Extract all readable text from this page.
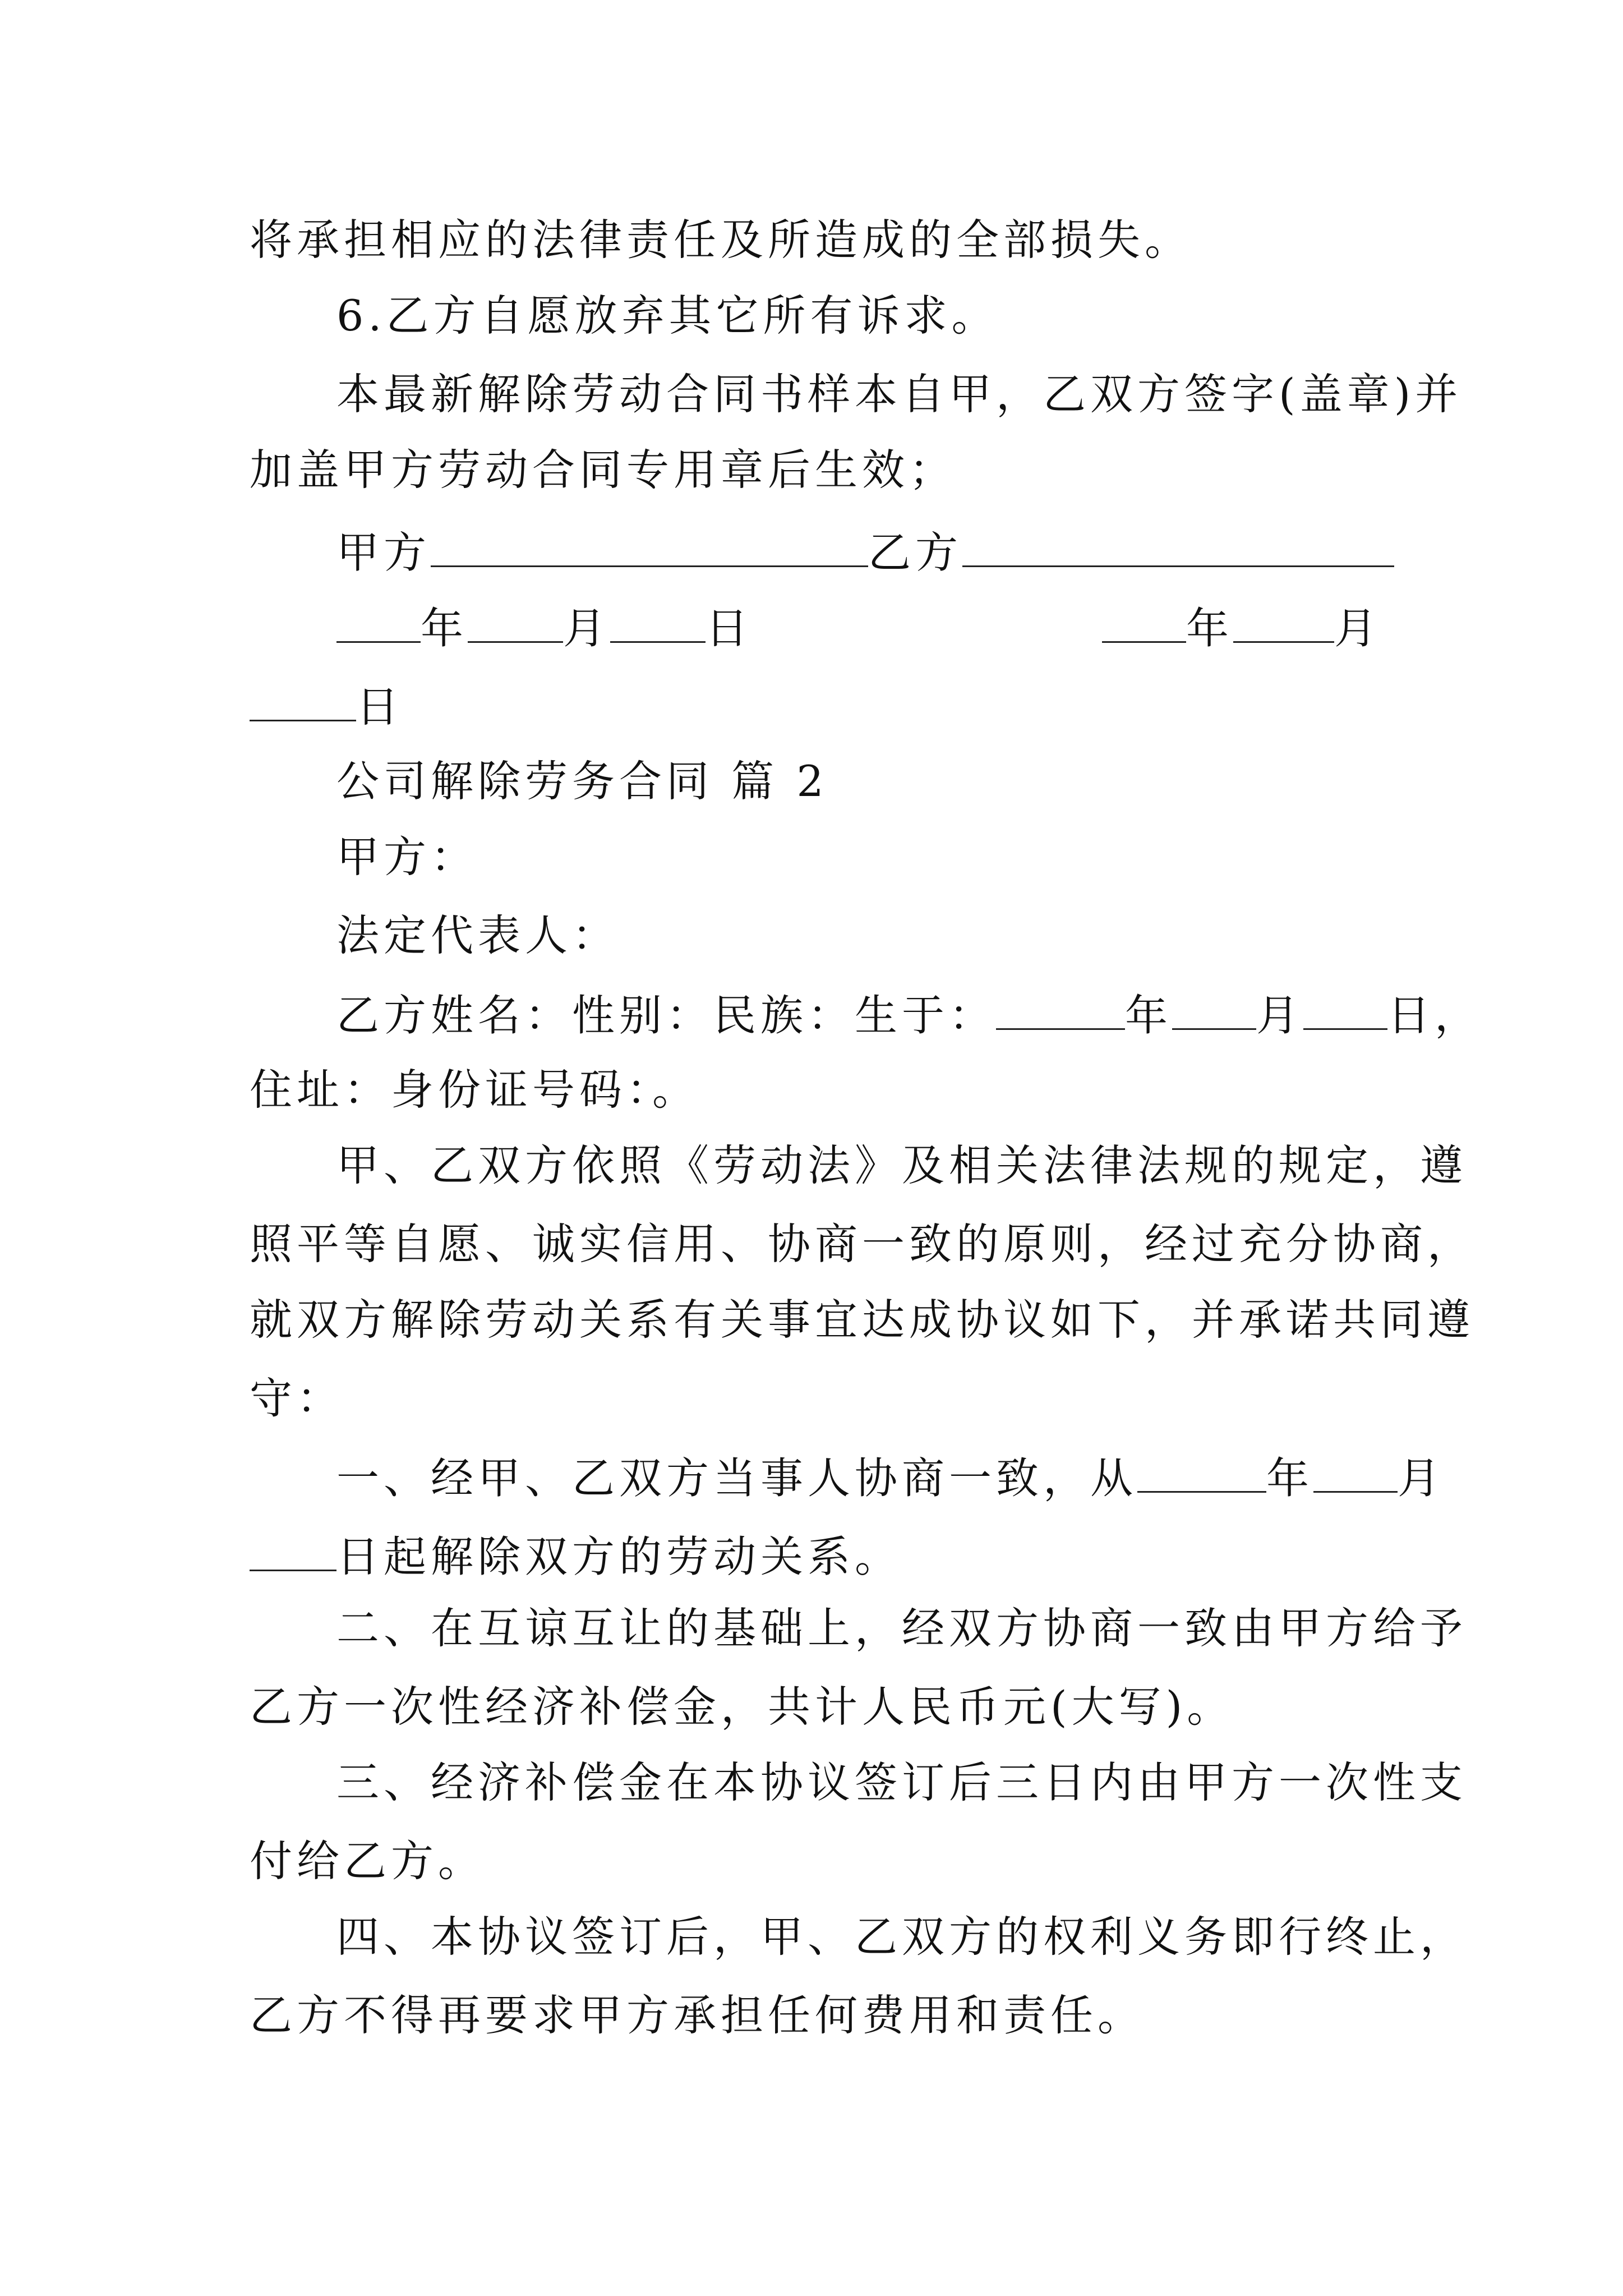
将承担相应的法律责任及所造成的全部损失。
6.乙方自愿放弃其它所有诉求。
本最新解除劳动合同书样本自甲，乙双方签字(盖章)并
加盖甲方劳动合同专用章后生效；
甲方	乙方
年 月 日	年 月
日
公司解除劳务合同 篇 2
甲方：
法定代表人：
乙方姓名：性别：民族：生于：	年 月 日，
住址：身份证号码：。
甲、乙双方依照《劳动法》及相关法律法规的规定，遵
照平等自愿、诚实信用、协商一致的原则，经过充分协商，
就双方解除劳动关系有关事宜达成协议如下，并承诺共同遵
守：
一、经甲、乙双方当事人协商一致，从	年 月
日起解除双方的劳动关系。
二、在互谅互让的基础上，经双方协商一致由甲方给予
乙方一次性经济补偿金，共计人民币元(大写)。
三、经济补偿金在本协议签订后三日内由甲方一次性支
付给乙方。
四、本协议签订后，甲、乙双方的权利义务即行终止，
乙方不得再要求甲方承担任何费用和责任。
